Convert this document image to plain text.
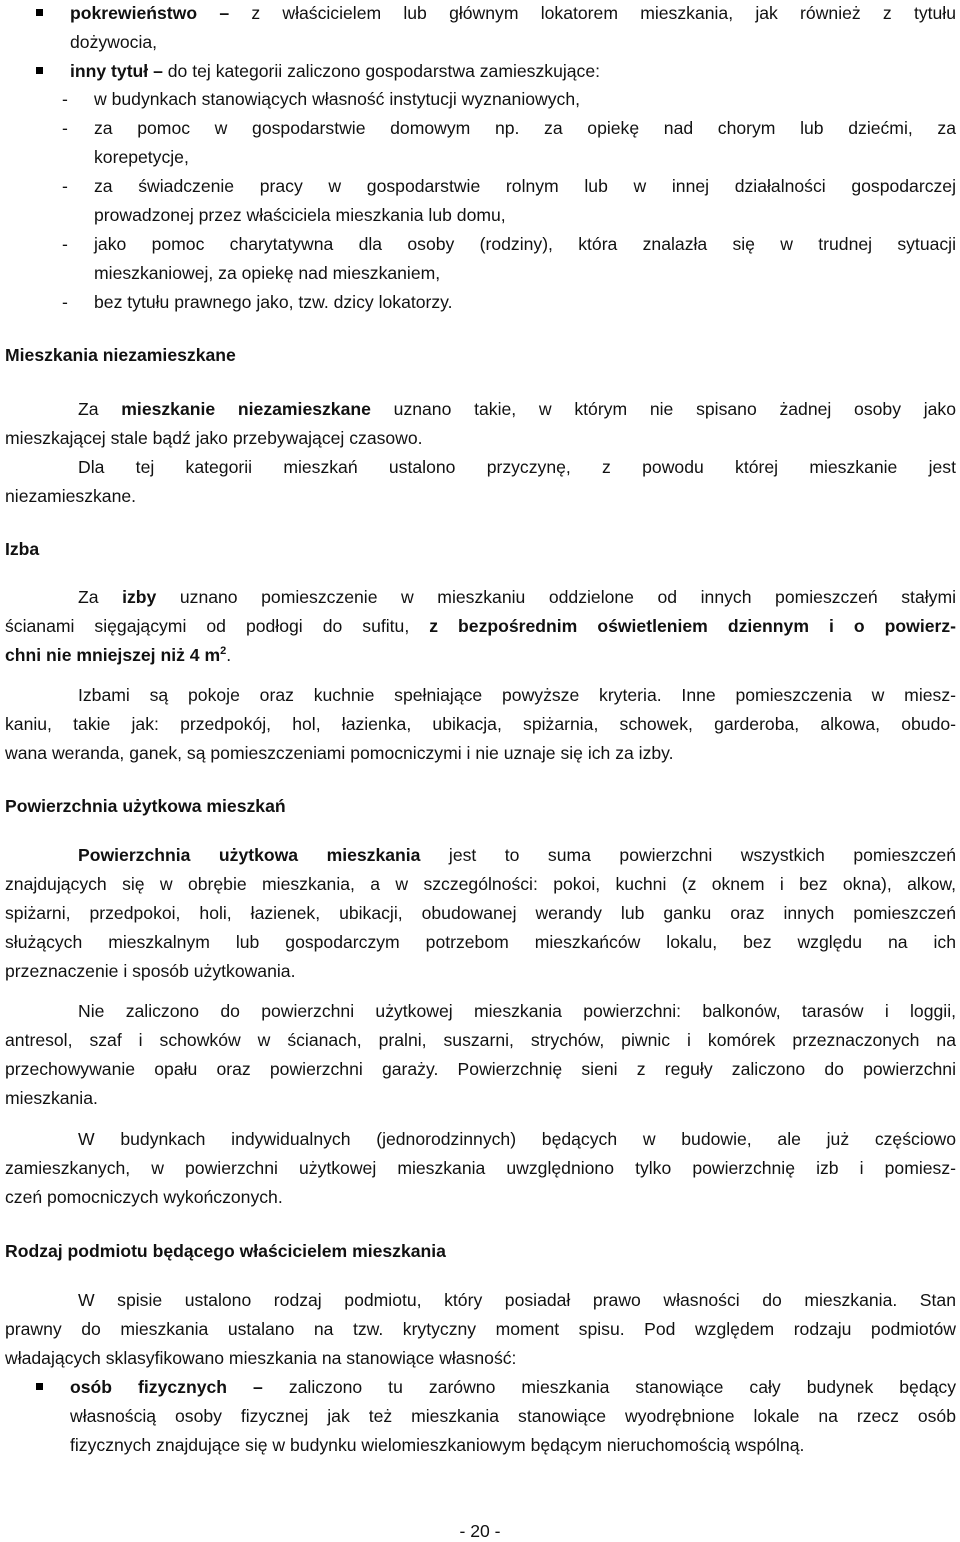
pokrewieństwo – z właścicielem lub głównym lokatorem mieszkania, jak również z tytułu

dożywocia,

inny tytuł – do tej kategorii zaliczono gospodarstwa zamieszkujące:

- w budynkach stanowiących własność instytucji wyznaniowych,

- za pomoc w gospodarstwie domowym np. za opiekę nad chorym lub dziećmi, za

korepetycje,

- za świadczenie pracy w gospodarstwie rolnym lub w innej działalności gospodarczej

prowadzonej przez właściciela mieszkania lub domu,

- jako pomoc charytatywna dla osoby (rodziny), która znalazła się w trudnej sytuacji

mieszkaniowej, za opiekę nad mieszkaniem,

- bez tytułu prawnego jako, tzw. dzicy lokatorzy.

Mieszkania niezamieszkane

Za mieszkanie niezamieszkane uznano takie, w którym nie spisano żadnej osoby jako

mieszkającej stale bądź jako przebywającej czasowo.

Dla tej kategorii mieszkań ustalono przyczynę, z powodu której mieszkanie jest

niezamieszkane.

Izba

Za izby uznano pomieszczenie w mieszkaniu oddzielone od innych pomieszczeń stałymi

ścianami sięgającymi od podłogi do sufitu, z bezpośrednim oświetleniem dziennym i o powierz-

chni nie mniejszej niż 4 $m^2$.

Izbami są pokoje oraz kuchnie spełniające powyższe kryteria. Inne pomieszczenia w miesz-

kaniu, takie jak: przedpokój, hol, łazienka, ubikacja, spiżarnia, schowek, garderoba, alkowa, obudo-

wana weranda, ganek, są pomieszczeniami pomocniczymi i nie uznaje się ich za izby.

Powierzchnia użytkowa mieszkań

Powierzchnia użytkowa mieszkania jest to suma powierzchni wszystkich pomieszczeń

znajdujących się w obrębie mieszkania, a w szczególności: pokoi, kuchni (z oknem i bez okna), alkow,

spiżarni, przedpokoi, holi, łazienek, ubikacji, obudowanej werandy lub ganku oraz innych pomieszczeń

służących mieszkalnym lub gospodarczym potrzebom mieszkańców lokalu, bez względu na ich

przeznaczenie i sposób użytkowania.

Nie zaliczono do powierzchni użytkowej mieszkania powierzchni: balkonów, tarasów i loggii,

antresol, szaf i schowków w ścianach, pralni, suszarni, strychów, piwnic i komórek przeznaczonych na

przechowywanie opału oraz powierzchni garaży. Powierzchnię sieni z reguły zaliczono do powierzchni

mieszkania.

W budynkach indywidualnych (jednorodzinnych) będących w budowie, ale już częściowo

zamieszkanych, w powierzchni użytkowej mieszkania uwzględniono tylko powierzchnię izb i pomiesz-

czeń pomocniczych wykończonych.

Rodzaj podmiotu będącego właścicielem mieszkania

W spisie ustalono rodzaj podmiotu, który posiadał prawo własności do mieszkania. Stan

prawny do mieszkania ustalano na tzw. krytyczny moment spisu. Pod względem rodzaju podmiotów

władających sklasyfikowano mieszkania na stanowiące własność:

osób fizycznych – zaliczono tu zarówno mieszkania stanowiące cały budynek będący

własnością osoby fizycznej jak też mieszkania stanowiące wyodrębnione lokale na rzecz osób

fizycznych znajdujące się w budynku wielomieszkaniowym będącym nieruchomością wspólną.

- 20 -
